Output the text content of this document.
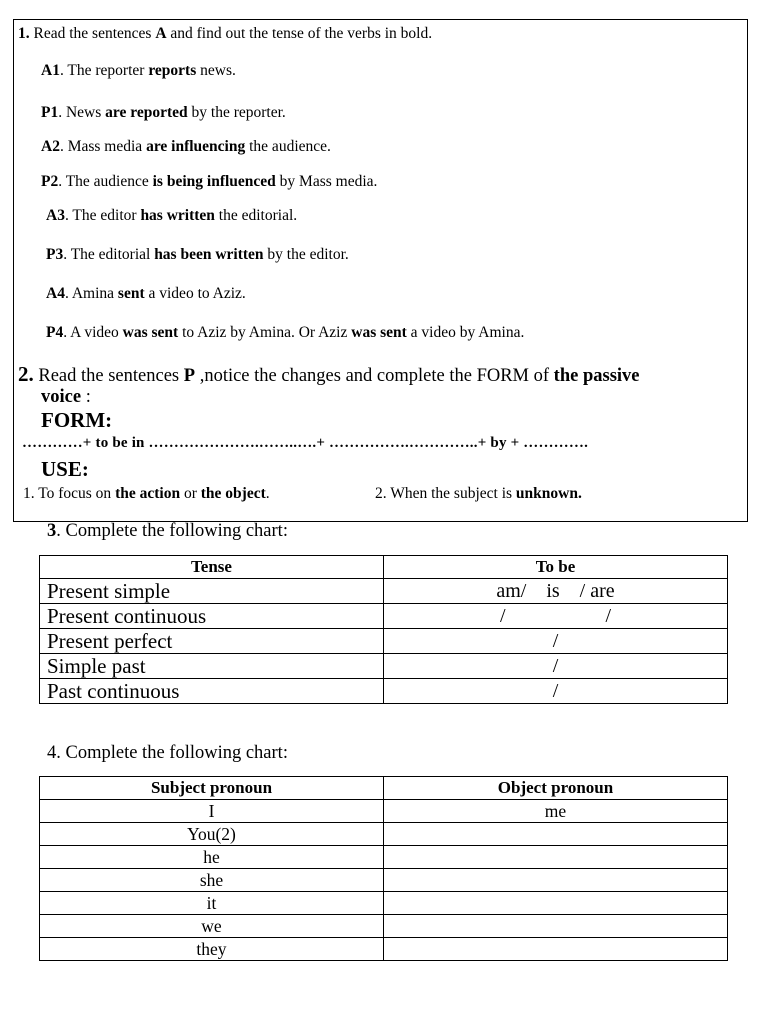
1. Read the sentences A and find out the tense of the verbs in bold.
A1. The reporter reports news.
P1. News are reported by the reporter.
A2. Mass media are influencing the audience.
P2. The audience is being influenced by Mass media.
A3. The editor has written the editorial.
P3. The editorial has been written by the editor.
A4. Amina sent a video to Aziz.
P4. A video was sent to Aziz by Amina. Or Aziz was sent a video by Amina.
2. Read the sentences P ,notice the changes and complete the FORM of the passive
voice :
FORM:
…………+ to be in ………………….……..….+ …………….…………..+ by + ………….
USE:
1. To focus on the action or the object.	2. When the subject is unknown.
3. Complete the following chart:
Tense	To be
Present simple	am/    is    / are
Present continuous	/                    /
Present perfect	/
Simple past	/
Past continuous	/
4. Complete the following chart:
Subject pronoun	Object pronoun
I	me
You(2)	
he	
she	
it	
we	
they	
